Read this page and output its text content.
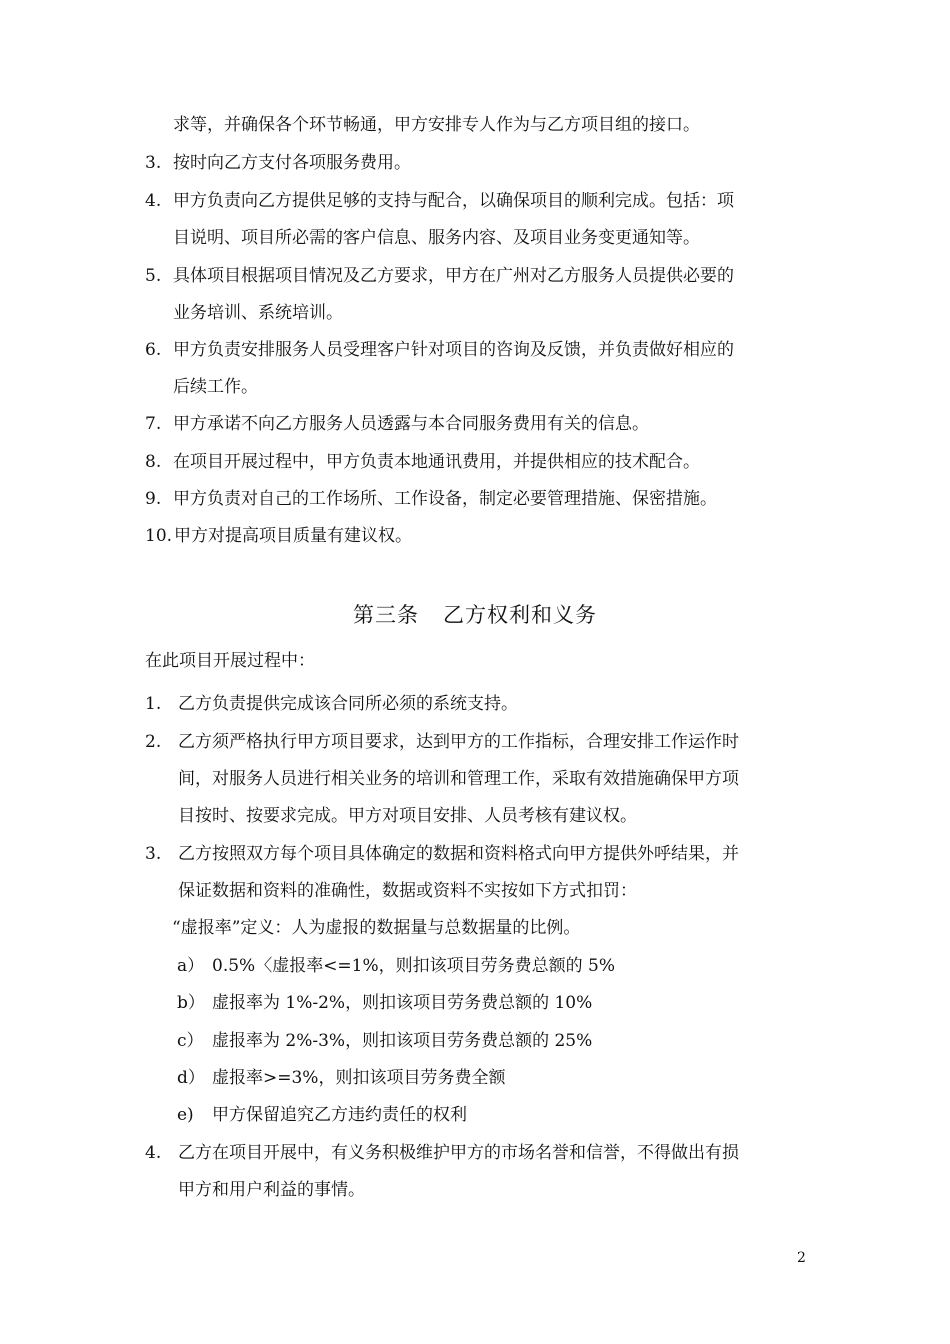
求等，并确保各个环节畅通，甲方安排专人作为与乙方项目组的接口。
3. 按时向乙方支付各项服务费用。
4. 甲方负责向乙方提供足够的支持与配合，以确保项目的顺利完成。包括：项
目说明、项目所必需的客户信息、服务内容、及项目业务变更通知等。
5. 具体项目根据项目情况及乙方要求，甲方在广州对乙方服务人员提供必要的
业务培训、系统培训。
6. 甲方负责安排服务人员受理客户针对项目的咨询及反馈，并负责做好相应的
后续工作。
7. 甲方承诺不向乙方服务人员透露与本合同服务费用有关的信息。
8. 在项目开展过程中，甲方负责本地通讯费用，并提供相应的技术配合。
9. 甲方负责对自己的工作场所、工作设备，制定必要管理措施、保密措施。
10. 甲方对提高项目质量有建议权。
第三条 乙方权利和义务
在此项目开展过程中：
1. 乙方负责提供完成该合同所必须的系统支持。
2. 乙方须严格执行甲方项目要求，达到甲方的工作指标，合理安排工作运作时
间，对服务人员进行相关业务的培训和管理工作，采取有效措施确保甲方项
目按时、按要求完成。甲方对项目安排、人员考核有建议权。
3. 乙方按照双方每个项目具体确定的数据和资料格式向甲方提供外呼结果，并
保证数据和资料的准确性，数据或资料不实按如下方式扣罚：
“虚报率”定义：人为虚报的数据量与总数据量的比例。
a） 0.5%〈虚报率<=1%，则扣该项目劳务费总额的 5%
b） 虚报率为 1%-2%，则扣该项目劳务费总额的 10%
c） 虚报率为 2%-3%，则扣该项目劳务费总额的 25%
d） 虚报率>=3%，则扣该项目劳务费全额
e) 甲方保留追究乙方违约责任的权利
4. 乙方在项目开展中，有义务积极维护甲方的市场名誉和信誉，不得做出有损
甲方和用户利益的事情。
2
